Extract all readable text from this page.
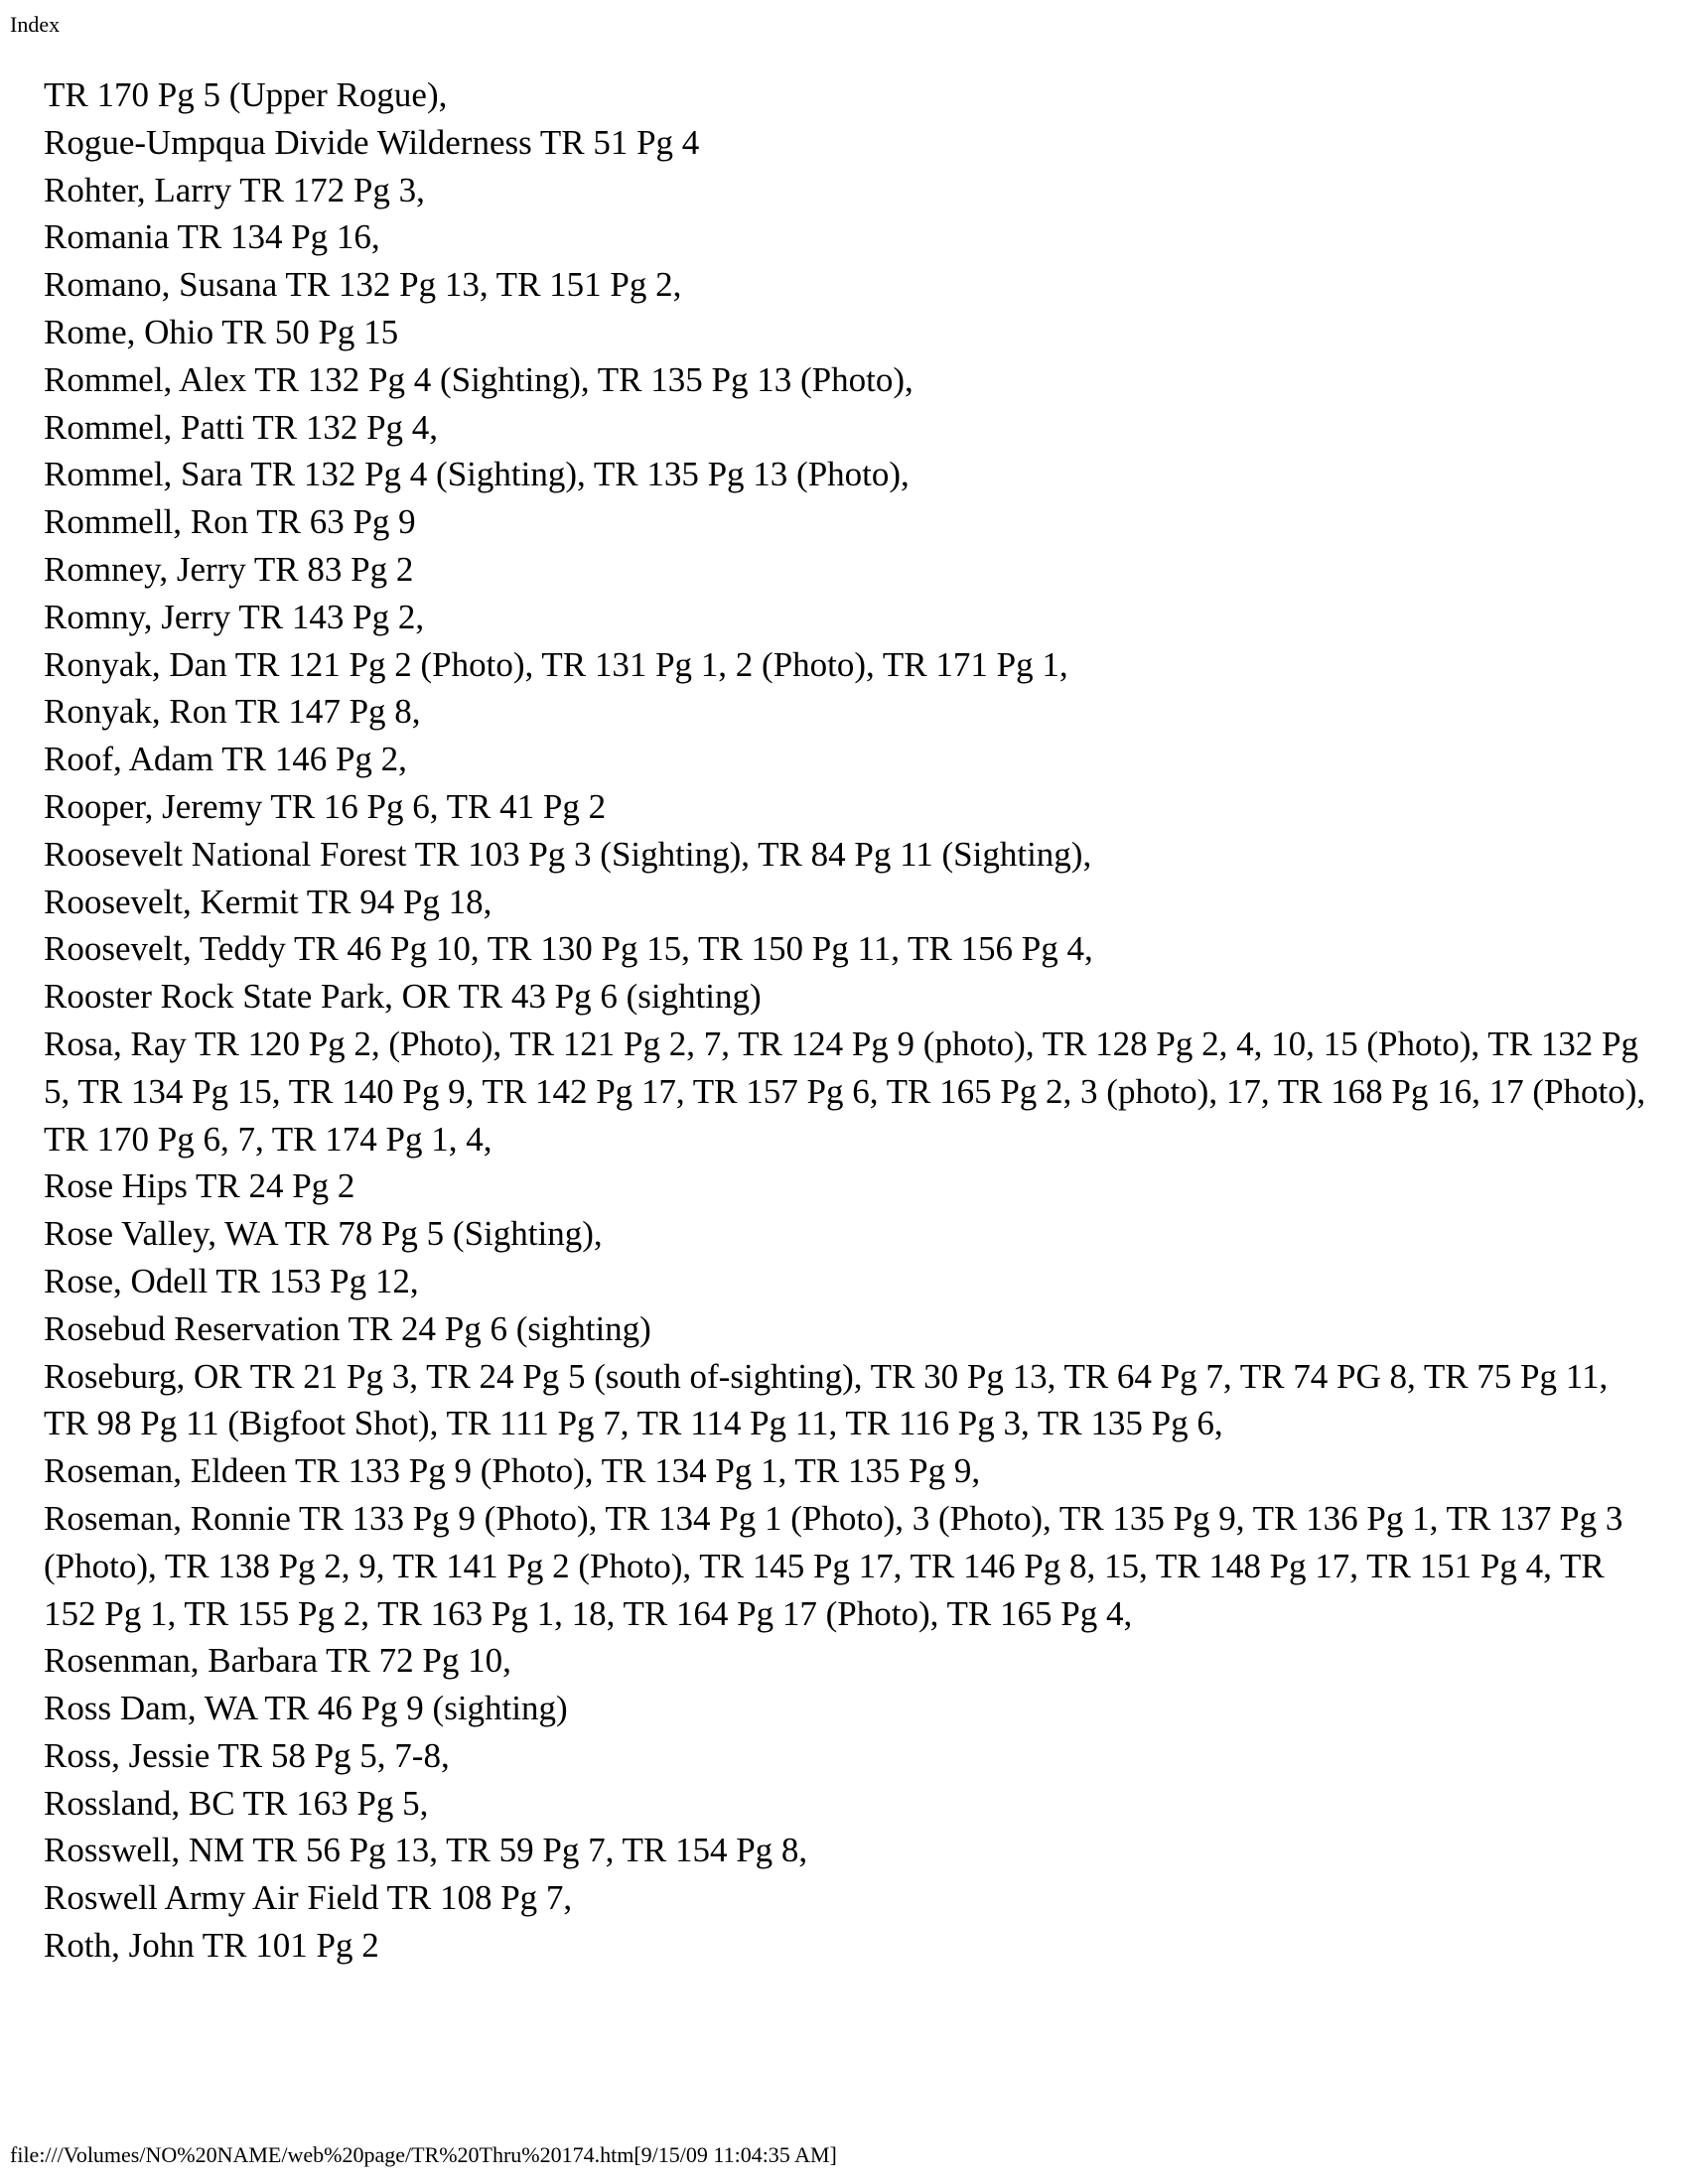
Index

TR 170 Pg 5 (Upper Rogue),

Rogue-Umpqua Divide Wilderness TR 51 Pg 4

Rohter, Larry TR 172 Pg 3,

Romania TR 134 Pg 16,

Romano, Susana TR 132 Pg 13, TR 151 Pg 2,

Rome, Ohio TR 50 Pg 15

Rommel, Alex TR 132 Pg 4 (Sighting), TR 135 Pg 13 (Photo),

Rommel, Patti TR 132 Pg 4,

Rommel, Sara TR 132 Pg 4 (Sighting), TR 135 Pg 13 (Photo),

Rommell, Ron TR 63 Pg 9

Romney, Jerry TR 83 Pg 2

Romny, Jerry TR 143 Pg 2,

Ronyak, Dan TR 121 Pg 2 (Photo), TR 131 Pg 1, 2 (Photo), TR 171 Pg 1,

Ronyak, Ron TR 147 Pg 8,

Roof, Adam TR 146 Pg 2,

Rooper, Jeremy TR 16 Pg 6, TR 41 Pg 2

Roosevelt National Forest TR 103 Pg 3 (Sighting), TR 84 Pg 11 (Sighting),

Roosevelt, Kermit TR 94 Pg 18,

Roosevelt, Teddy TR 46 Pg 10, TR 130 Pg 15, TR 150 Pg 11, TR 156 Pg 4,

Rooster Rock State Park, OR TR 43 Pg 6 (sighting)

Rosa, Ray TR 120 Pg 2, (Photo), TR 121 Pg 2, 7, TR 124 Pg 9 (photo), TR 128 Pg 2, 4, 10, 15 (Photo), TR 132 Pg 5, TR 134 Pg 15, TR 140 Pg 9, TR 142 Pg 17, TR 157 Pg 6, TR 165 Pg 2, 3 (photo), 17, TR 168 Pg 16, 17 (Photo), TR 170 Pg 6, 7, TR 174 Pg 1, 4,

Rose Hips TR 24 Pg 2

Rose Valley, WA TR 78 Pg 5 (Sighting),

Rose, Odell TR 153 Pg 12,

Rosebud Reservation TR 24 Pg 6 (sighting)

Roseburg, OR TR 21 Pg 3, TR 24 Pg 5 (south of-sighting), TR 30 Pg 13, TR 64 Pg 7, TR 74 PG 8, TR 75 Pg 11, TR 98 Pg 11 (Bigfoot Shot), TR 111 Pg 7, TR 114 Pg 11, TR 116 Pg 3, TR 135 Pg 6,

Roseman, Eldeen TR 133 Pg 9 (Photo), TR 134 Pg 1, TR 135 Pg 9,

Roseman, Ronnie TR 133 Pg 9 (Photo), TR 134 Pg 1 (Photo), 3 (Photo), TR 135 Pg 9, TR 136 Pg 1, TR 137 Pg 3 (Photo), TR 138 Pg 2, 9, TR 141 Pg 2 (Photo), TR 145 Pg 17, TR 146 Pg 8, 15, TR 148 Pg 17, TR 151 Pg 4, TR 152 Pg 1, TR 155 Pg 2, TR 163 Pg 1, 18, TR 164 Pg 17 (Photo), TR 165 Pg 4,

Rosenman, Barbara TR 72 Pg 10,

Ross Dam, WA TR 46 Pg 9 (sighting)

Ross, Jessie TR 58 Pg 5, 7-8,

Rossland, BC TR 163 Pg 5,

Rosswell, NM TR 56 Pg 13, TR 59 Pg 7, TR 154 Pg 8,

Roswell Army Air Field TR 108 Pg 7,

Roth, John TR 101 Pg 2

file:///Volumes/NO%20NAME/web%20page/TR%20Thru%20174.htm[9/15/09 11:04:35 AM]
